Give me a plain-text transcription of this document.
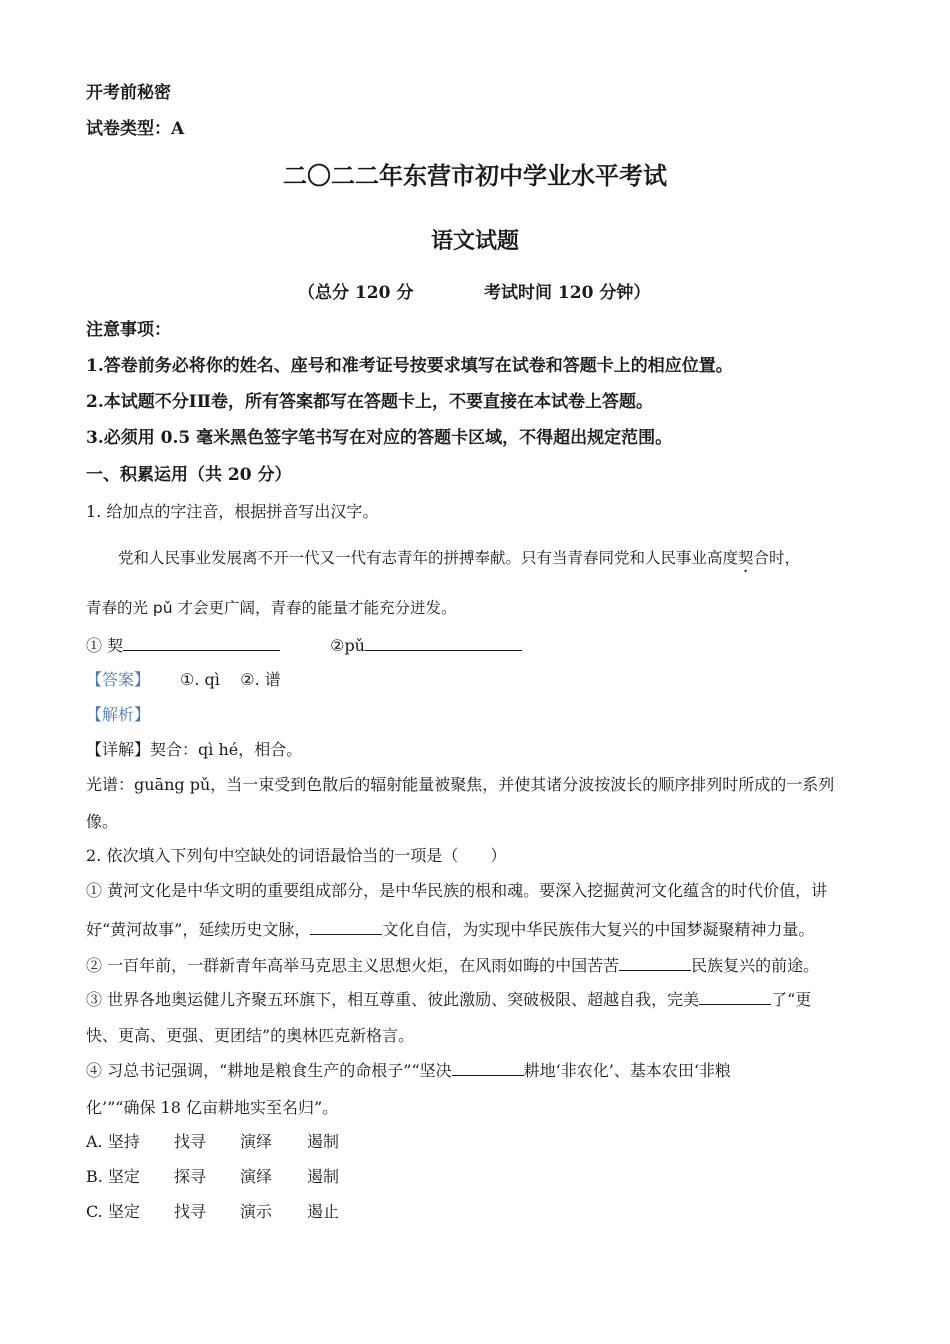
开考前秘密
试卷类型：A
二〇二二年东营市初中学业水平考试
语文试题
（总分 120 分	考试时间 120 分钟）
注意事项：
1.答卷前务必将你的姓名、座号和准考证号按要求填写在试卷和答题卡上的相应位置。
2.本试题不分ⅠⅡ卷，所有答案都写在答题卡上，不要直接在本试卷上答题。
3.必须用 0.5 毫米黑色签字笔书写在对应的答题卡区域，不得超出规定范围。
一、积累运用（共 20 分）
1. 给加点的字注音，根据拼音写出汉字。
党和人民事业发展离不开一代又一代有志青年的拼搏奉献。只有当青春同党和人民事业高度契合时，
青春的光 pǔ 才会更广阔，青春的能量才能充分迸发。
① 契	②pǔ
【答案】 ①. qì    ②. 谱
【解析】
【详解】契合：qì hé，相合。
光谱：guāng pǔ，当一束受到色散后的辐射能量被聚焦，并使其诸分波按波长的顺序排列时所成的一系列
像。
2. 依次填入下列句中空缺处的词语最恰当的一项是（　　）
① 黄河文化是中华文明的重要组成部分，是中华民族的根和魂。要深入挖掘黄河文化蕴含的时代价值，讲
好“黄河故事”，延续历史文脉，	文化自信，为实现中华民族伟大复兴的中国梦凝聚精神力量。
② 一百年前，一群新青年高举马克思主义思想火炬，在风雨如晦的中国苦苦	民族复兴的前途。
③ 世界各地奥运健儿齐聚五环旗下，相互尊重、彼此激励、突破极限、超越自我，完美	了“更
快、更高、更强、更团结”的奥林匹克新格言。
④ 习总书记强调，“耕地是粮食生产的命根子”“坚决	耕地‘非农化’、基本农田‘非粮
化’”“确保 18 亿亩耕地实至名归”。
A. 坚持 找寻 演绎 遏制
B. 坚定 探寻 演绎 遏制
C. 坚定 找寻 演示 遏止
